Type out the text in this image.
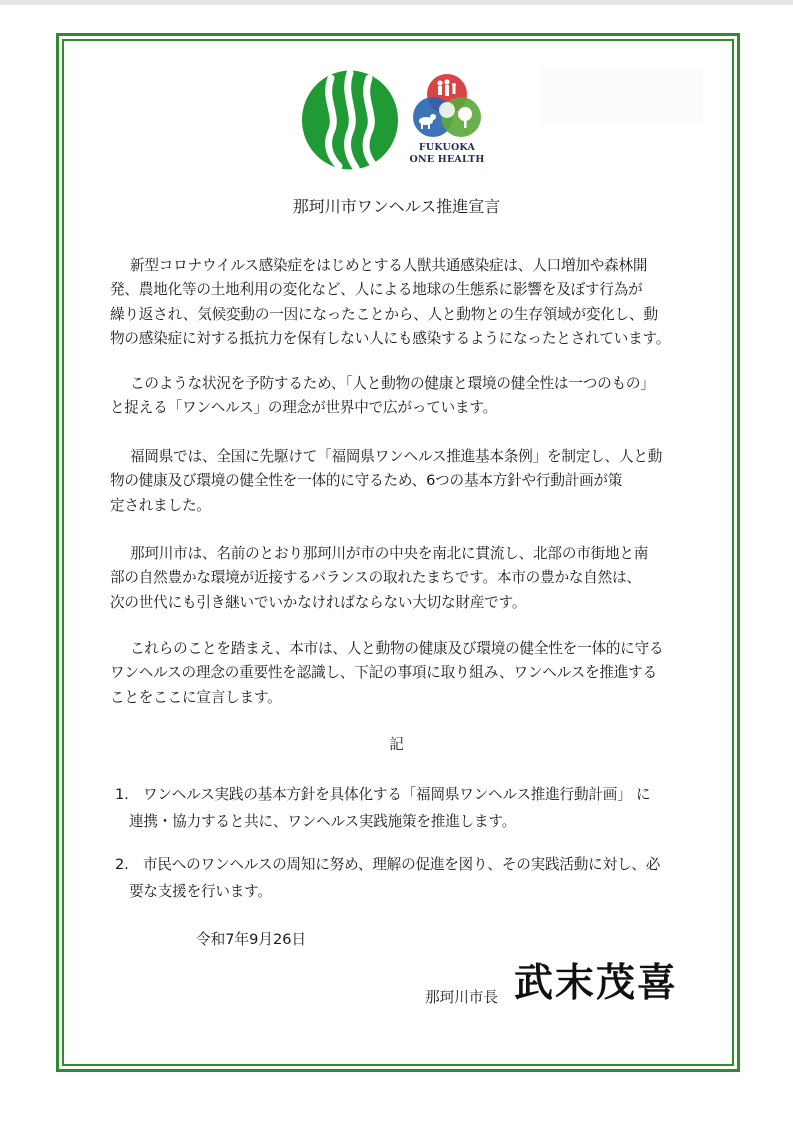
FUKUOKA
ONE HEALTH
那珂川市ワンヘルス推進宣言
新型コロナウイルス感染症をはじめとする人獣共通感染症は、人口増加や森林開
発、農地化等の土地利用の変化など、人による地球の生態系に影響を及ぼす行為が
繰り返され、気候変動の一因になったことから、人と動物との生存領域が変化し、動
物の感染症に対する抵抗力を保有しない人にも感染するようになったとされています。
このような状況を予防するため、「人と動物の健康と環境の健全性は一つのもの」
と捉える「ワンヘルス」の理念が世界中で広がっています。
福岡県では、全国に先駆けて「福岡県ワンヘルス推進基本条例」を制定し、人と動
物の健康及び環境の健全性を一体的に守るため、6つの基本方針や行動計画が策
定されました。
那珂川市は、名前のとおり那珂川が市の中央を南北に貫流し、北部の市街地と南
部の自然豊かな環境が近接するバランスの取れたまちです。本市の豊かな自然は、
次の世代にも引き継いでいかなければならない大切な財産です。
これらのことを踏まえ、本市は、人と動物の健康及び環境の健全性を一体的に守る
ワンヘルスの理念の重要性を認識し、下記の事項に取り組み、ワンヘルスを推進する
ことをここに宣言します。
記
1. ワンヘルス実践の基本方針を具体化する「福岡県ワンヘルス推進行動計画」 に
連携・協力すると共に、ワンヘルス実践施策を推進します。
2. 市民へのワンヘルスの周知に努め、理解の促進を図り、その実践活動に対し、必
要な支援を行います。
令和7年9月26日
那珂川市長 武末茂喜
